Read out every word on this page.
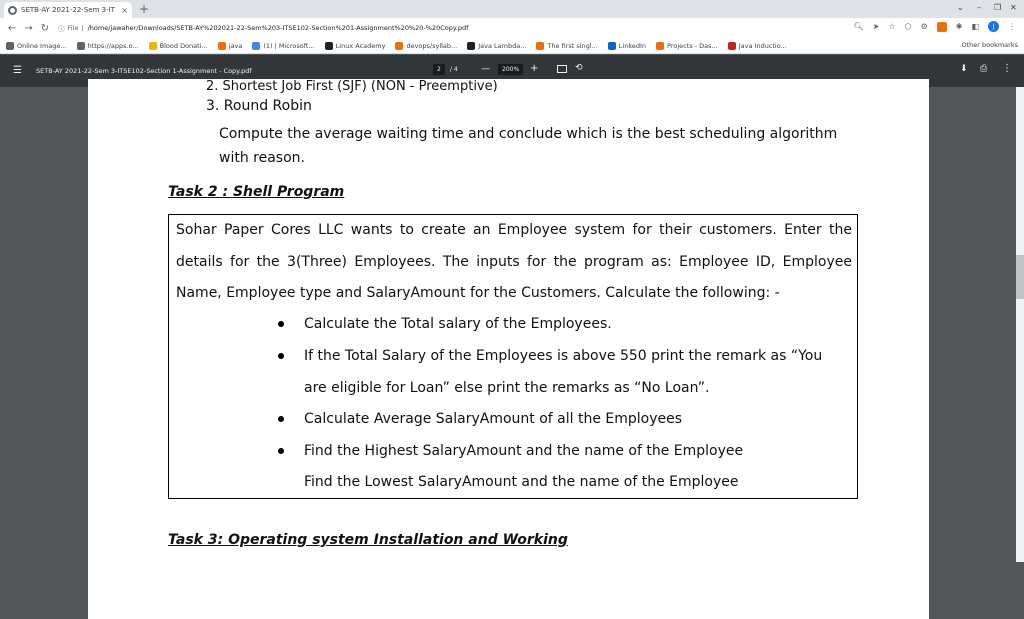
SETB-AY 2021-22-Sem 3-IT × +	⌄ – ❐ ✕
← → ↻ ⓘ File | /home/jawaher/Downloads/SETB-AY%202021-22-Sem%203-ITSE102-Section%201-Assignment%20%20-%20Copy.pdf	🔍︎ ➤ ☆ ⬡ ⚙	✱ ◧	J	⋮
Online Image...	https://apps.o...	Blood Donati...	java	(1) | Microsoft...	Linux Academy	devops/syllab...	Java Lambda...	The first singl...	LinkedIn	Projects - Das...	Java Inductio...	Other bookmarks
☰ SETB-AY 2021-22-Sem 3-ITSE102-Section 1-Assignment - Copy.pdf	2	/ 4	—	200%	+	⟲	⬇ ⎙ ⋮
2. Shortest Job First (SJF) (NON - Preemptive)
3. Round Robin
Compute the average waiting time and conclude which is the best scheduling algorithm with reason.
Task 2 : Shell Program
Sohar Paper Cores LLC wants to create an Employee system for their customers. Enter the details for the 3(Three) Employees. The inputs for the program as: Employee ID, Employee Name, Employee type and SalaryAmount for the Customers. Calculate the following: -
Calculate the Total salary of the Employees.
If the Total Salary of the Employees is above 550 print the remark as “You are eligible for Loan” else print the remarks as “No Loan”.
Calculate Average SalaryAmount of all the Employees
Find the Highest SalaryAmount and the name of the Employee
Find the Lowest SalaryAmount and the name of the Employee
Task 3: Operating system Installation and Working
